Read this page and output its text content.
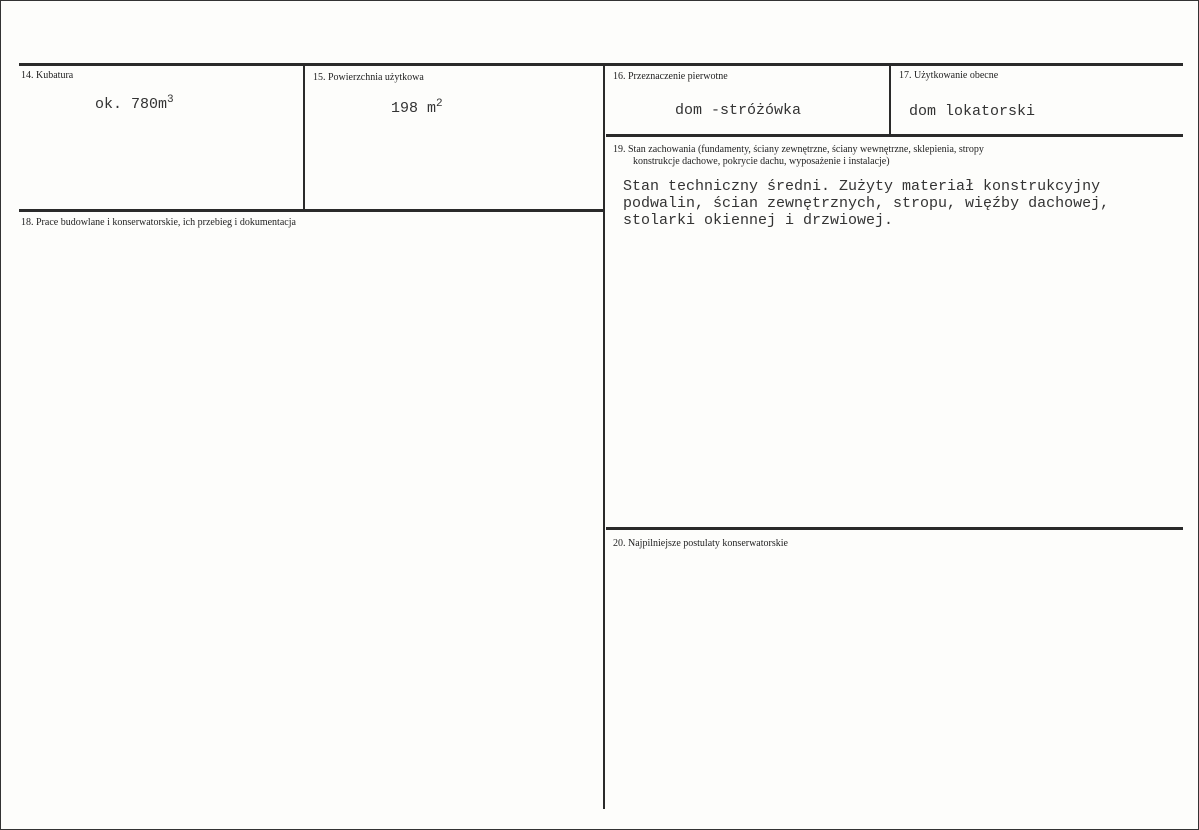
14. Kubatura
ok. $780m^3$
15. Powierzchnia użytkowa
198 $m^2$
16. Przeznaczenie pierwotne
dom -stróżówka
17. Użytkowanie obecne
dom lokatorski
18. Prace budowlane i konserwatorskie, ich przebieg i dokumentacja
19. Stan zachowania (fundamenty, ściany zewnętrzne, ściany wewnętrzne, sklepienia, stropy
konstrukcje dachowe, pokrycie dachu, wyposażenie i instalacje)
Stan techniczny średni. Zużyty materiał konstrukcyjny
podwalin, ścian zewnętrznych, stropu, więźby dachowej,
stolarki okiennej i drzwiowej.
20. Najpilniejsze postulaty konserwatorskie
